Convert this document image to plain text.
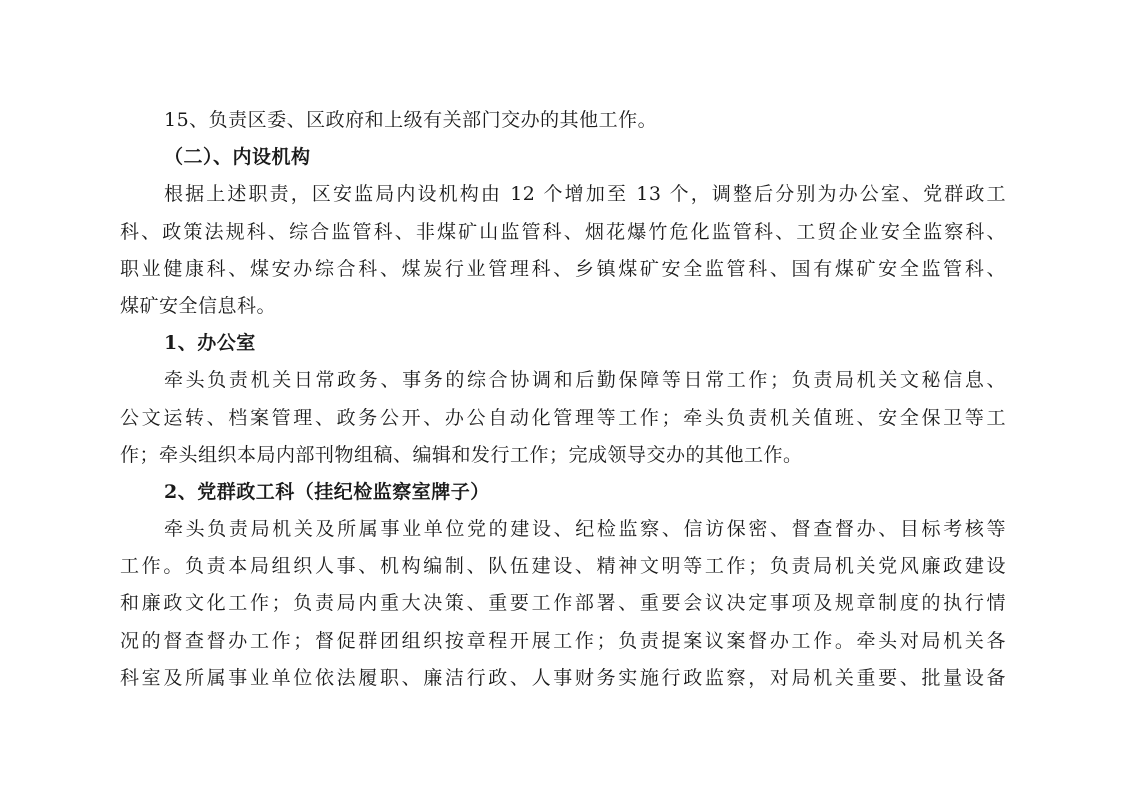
15、负责区委、区政府和上级有关部门交办的其他工作。
（二）、内设机构
根据上述职责，区安监局内设机构由 12 个增加至 13 个，调整后分别为办公室、党群政工
科、政策法规科、综合监管科、非煤矿山监管科、烟花爆竹危化监管科、工贸企业安全监察科、
职业健康科、煤安办综合科、煤炭行业管理科、乡镇煤矿安全监管科、国有煤矿安全监管科、
煤矿安全信息科。
1、办公室
牵头负责机关日常政务、事务的综合协调和后勤保障等日常工作；负责局机关文秘信息、
公文运转、档案管理、政务公开、办公自动化管理等工作；牵头负责机关值班、安全保卫等工
作；牵头组织本局内部刊物组稿、编辑和发行工作；完成领导交办的其他工作。
2、党群政工科（挂纪检监察室牌子）
牵头负责局机关及所属事业单位党的建设、纪检监察、信访保密、督查督办、目标考核等
工作。负责本局组织人事、机构编制、队伍建设、精神文明等工作；负责局机关党风廉政建设
和廉政文化工作；负责局内重大决策、重要工作部署、重要会议决定事项及规章制度的执行情
况的督查督办工作；督促群团组织按章程开展工作；负责提案议案督办工作。牵头对局机关各
科室及所属事业单位依法履职、廉洁行政、人事财务实施行政监察，对局机关重要、批量设备
